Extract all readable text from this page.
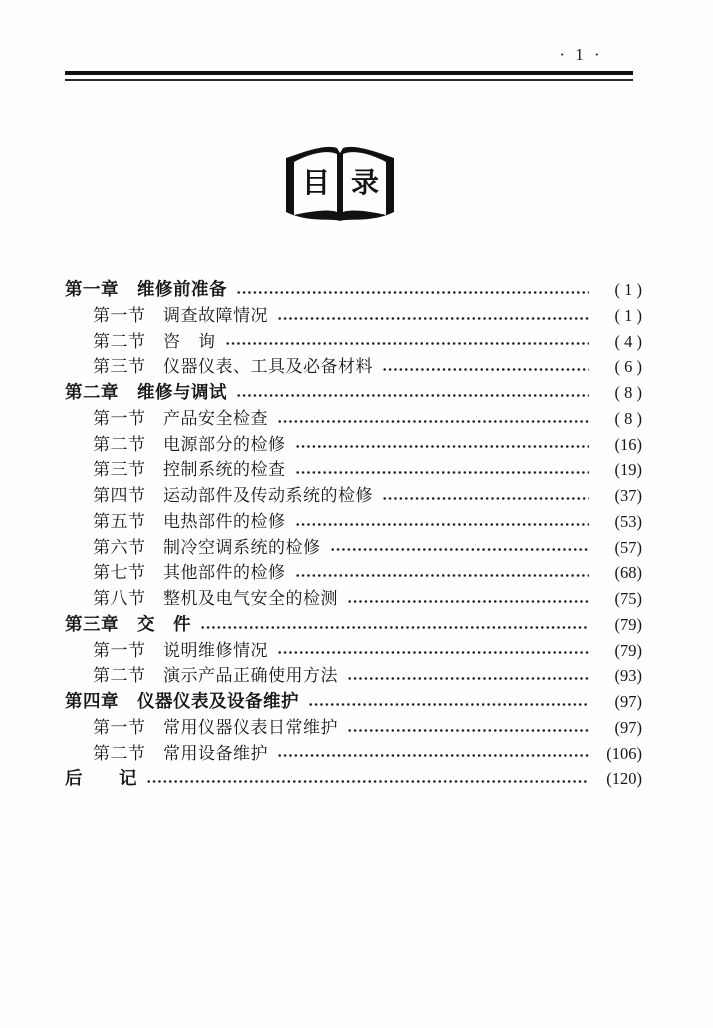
· 1 ·
目 录
第一章　维修前准备	( 1 )
第一节　调查故障情况	( 1 )
第二节　咨　询	( 4 )
第三节　仪器仪表、工具及必备材料	( 6 )
第二章　维修与调试	( 8 )
第一节　产品安全检查	( 8 )
第二节　电源部分的检修	(16)
第三节　控制系统的检查	(19)
第四节　运动部件及传动系统的检修	(37)
第五节　电热部件的检修	(53)
第六节　制冷空调系统的检修	(57)
第七节　其他部件的检修	(68)
第八节　整机及电气安全的检测	(75)
第三章　交　件	(79)
第一节　说明维修情况	(79)
第二节　演示产品正确使用方法	(93)
第四章　仪器仪表及设备维护	(97)
第一节　常用仪器仪表日常维护	(97)
第二节　常用设备维护	(106)
后　　记	(120)
